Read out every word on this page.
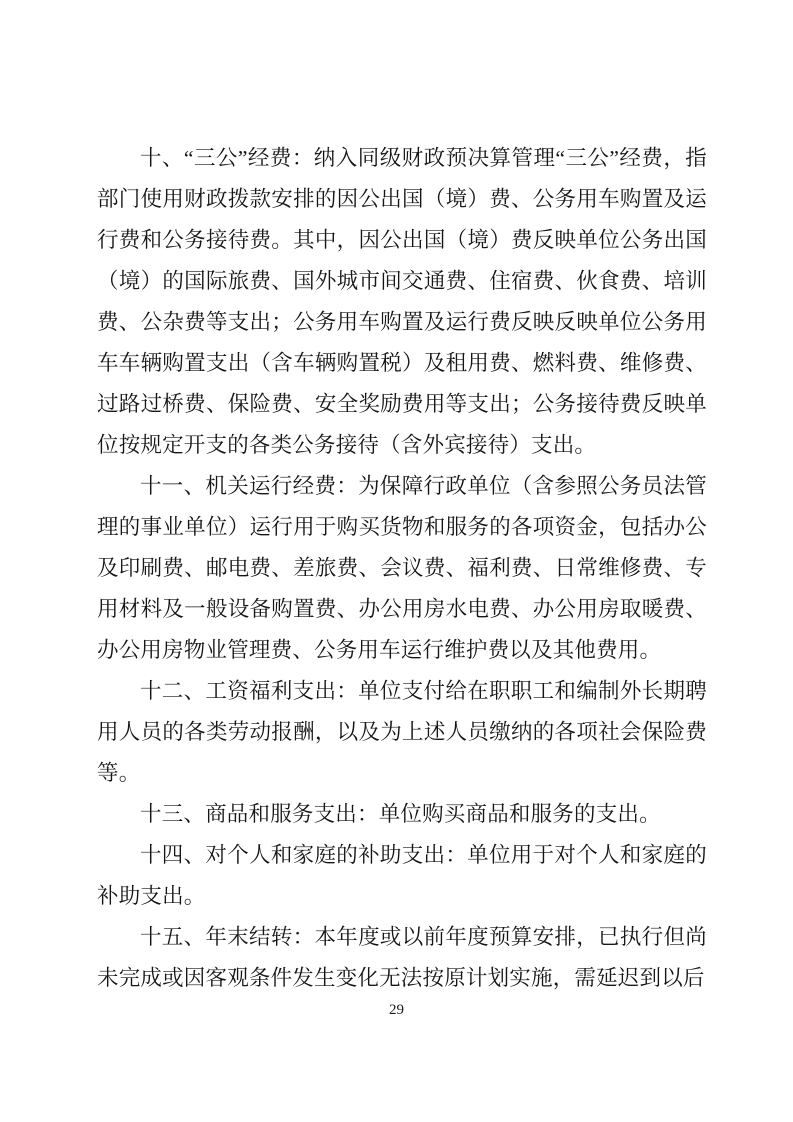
十、“三公”经费：纳入同级财政预决算管理“三公”经费，指部门使用财政拨款安排的因公出国（境）费、公务用车购置及运行费和公务接待费。其中，因公出国（境）费反映单位公务出国（境）的国际旅费、国外城市间交通费、住宿费、伙食费、培训费、公杂费等支出；公务用车购置及运行费反映反映单位公务用车车辆购置支出（含车辆购置税）及租用费、燃料费、维修费、过路过桥费、保险费、安全奖励费用等支出；公务接待费反映单位按规定开支的各类公务接待（含外宾接待）支出。

十一、机关运行经费：为保障行政单位（含参照公务员法管理的事业单位）运行用于购买货物和服务的各项资金，包括办公及印刷费、邮电费、差旅费、会议费、福利费、日常维修费、专用材料及一般设备购置费、办公用房水电费、办公用房取暖费、办公用房物业管理费、公务用车运行维护费以及其他费用。

十二、工资福利支出：单位支付给在职职工和编制外长期聘用人员的各类劳动报酬，以及为上述人员缴纳的各项社会保险费等。

十三、商品和服务支出：单位购买商品和服务的支出。

十四、对个人和家庭的补助支出：单位用于对个人和家庭的补助支出。

十五、年末结转：本年度或以前年度预算安排，已执行但尚未完成或因客观条件发生变化无法按原计划实施，需延迟到以后

29
